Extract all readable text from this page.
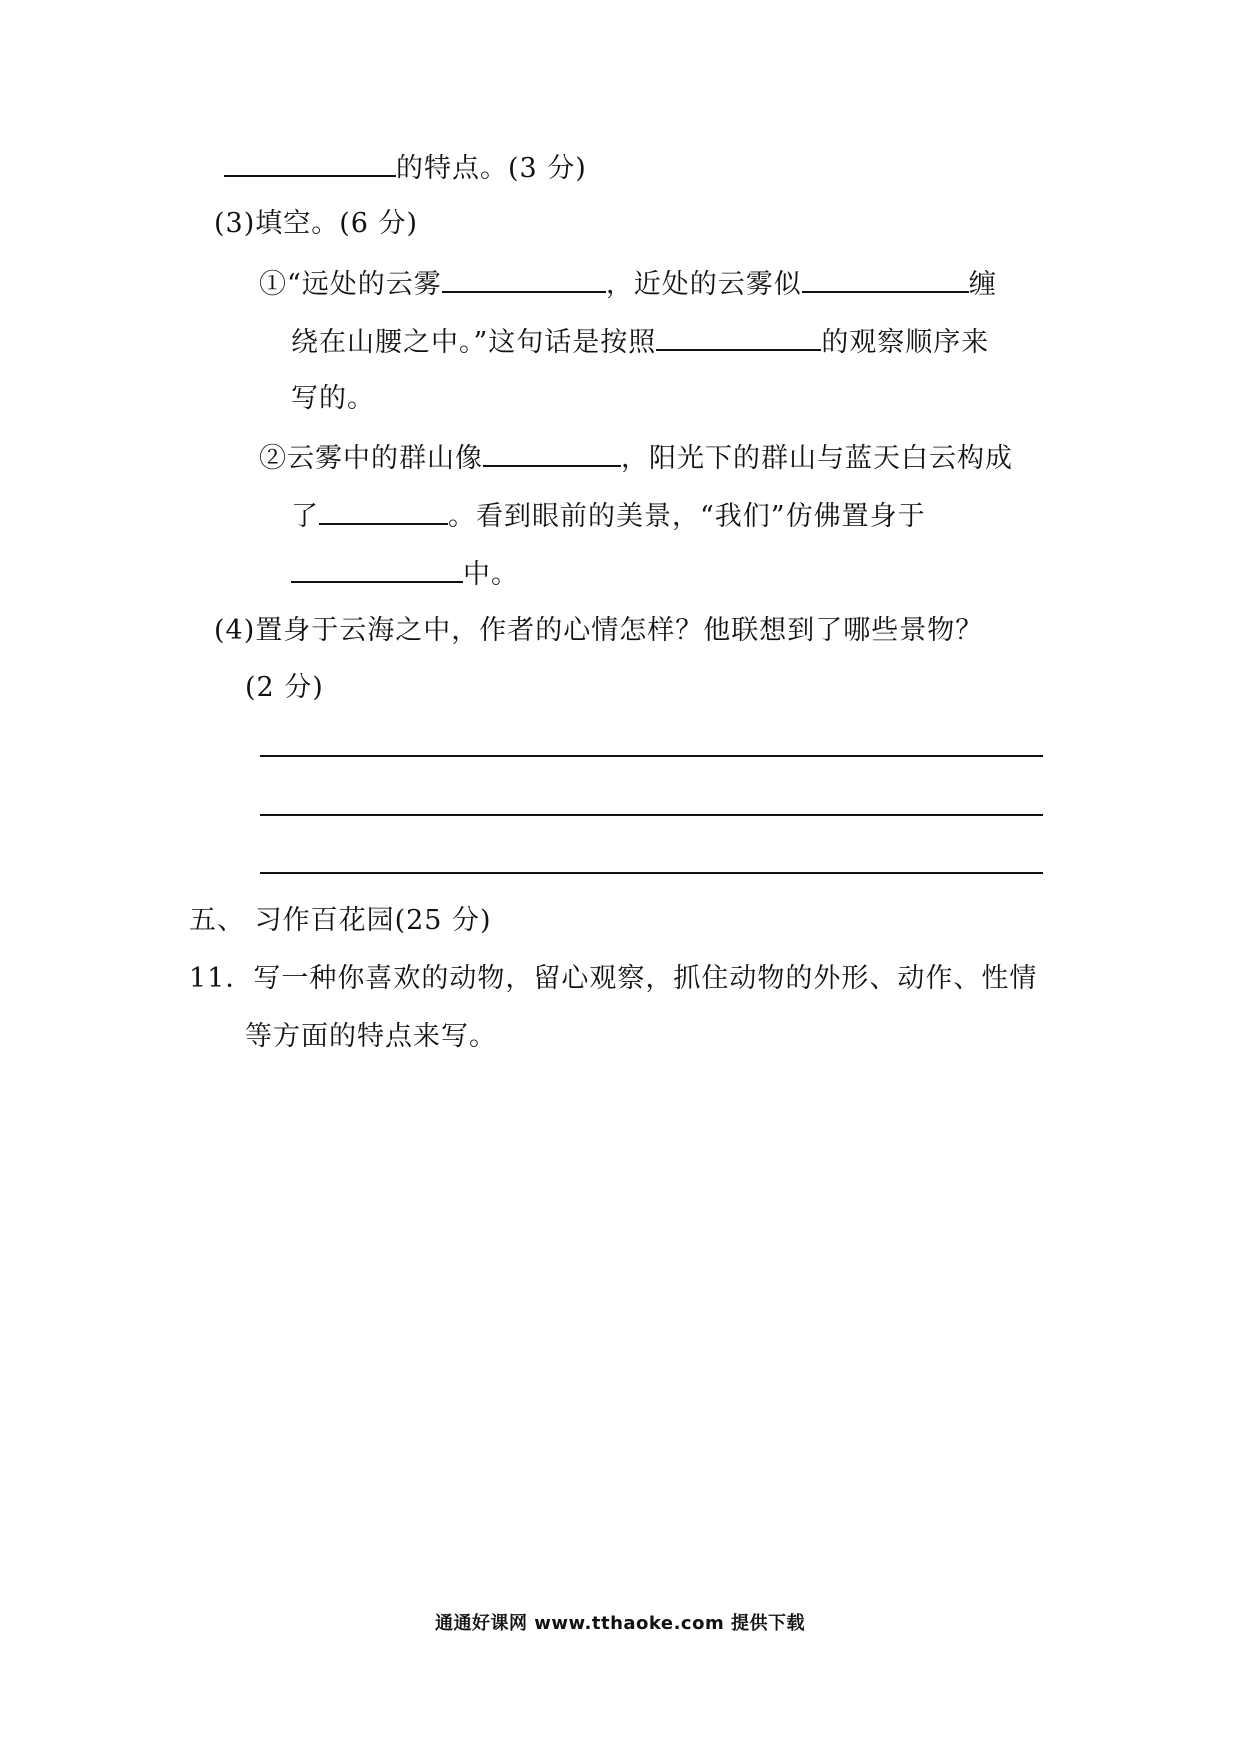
的特点。(3 分)
(3)填空。(6 分)
①“远处的云雾	，近处的云雾似	缠
绕在山腰之中。”这句话是按照	的观察顺序来
写的。
②云雾中的群山像	，阳光下的群山与蓝天白云构成
了	。看到眼前的美景，“我们”仿佛置身于
中。
(4)置身于云海之中，作者的心情怎样？他联想到了哪些景物？
(2 分)
五、 习作百花园(25 分)
11．写一种你喜欢的动物，留心观察，抓住动物的外形、动作、性情
等方面的特点来写。
通通好课网 www.tthaoke.com 提供下载
